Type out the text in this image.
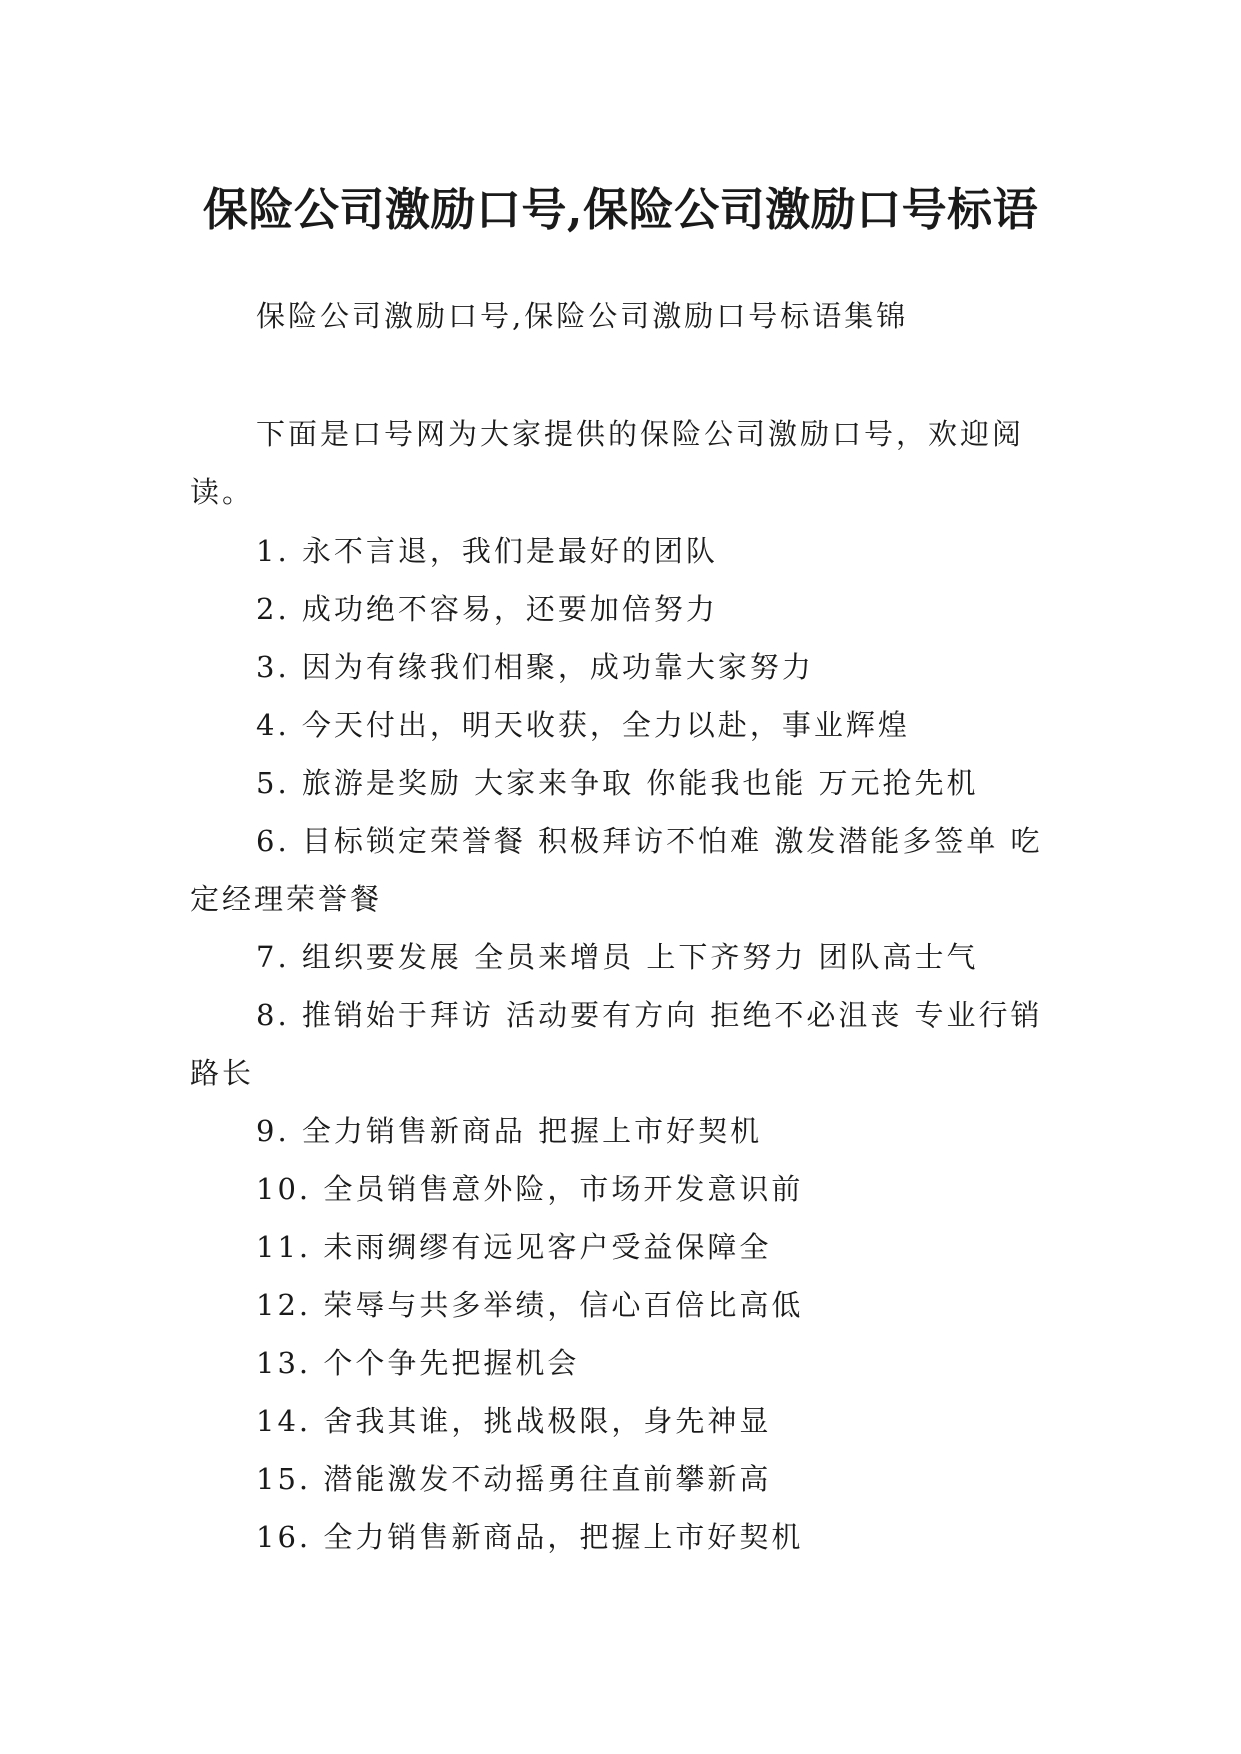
保险公司激励口号,保险公司激励口号标语

保险公司激励口号,保险公司激励口号标语集锦

下面是口号网为大家提供的保险公司激励口号，欢迎阅读。

1. 永不言退，我们是最好的团队

2. 成功绝不容易，还要加倍努力

3. 因为有缘我们相聚，成功靠大家努力

4. 今天付出，明天收获，全力以赴，事业辉煌

5. 旅游是奖励 大家来争取 你能我也能 万元抢先机

6. 目标锁定荣誉餐 积极拜访不怕难 激发潜能多签单 吃定经理荣誉餐

7. 组织要发展 全员来增员 上下齐努力 团队高士气

8. 推销始于拜访 活动要有方向 拒绝不必沮丧 专业行销路长

9. 全力销售新商品 把握上市好契机

10. 全员销售意外险，市场开发意识前

11. 未雨绸缪有远见客户受益保障全

12. 荣辱与共多举绩，信心百倍比高低

13. 个个争先把握机会

14. 舍我其谁，挑战极限，身先神显

15. 潜能激发不动摇勇往直前攀新高

16. 全力销售新商品，把握上市好契机
